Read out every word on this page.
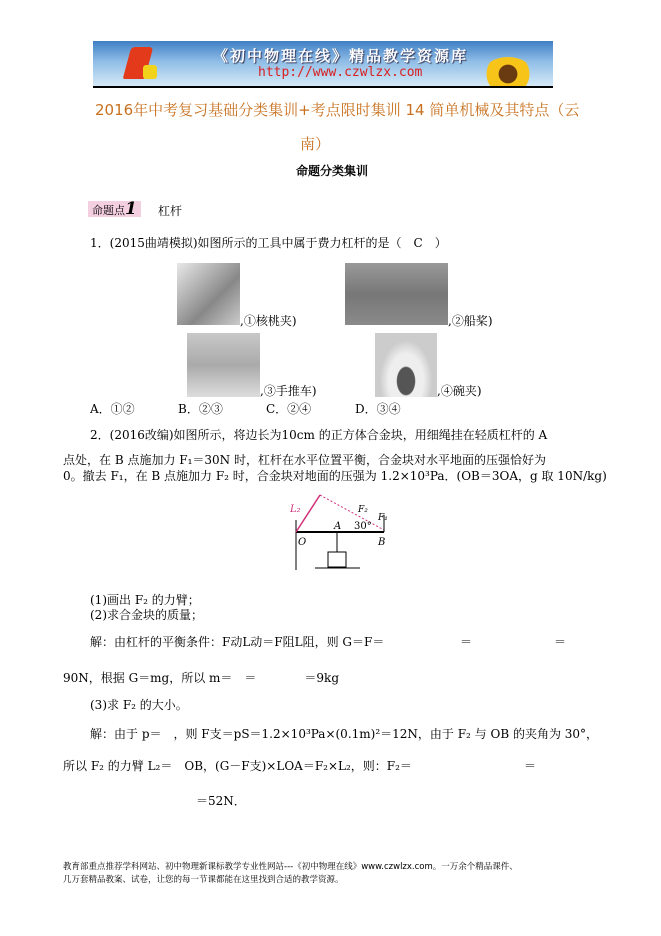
《初中物理在线》精品教学资源库
http://www.czwlzx.com
2016年中考复习基础分类集训+考点限时集训 14 简单机械及其特点（云
南）
命题分类集训
命题点1	杠杆
1．(2015曲靖模拟)如图所示的工具中属于费力杠杆的是（　C　）
,①核桃夹)	,②船桨)
,③手推车)	,④碗夹)
A．①②	B．②③	C．②④	D．③④
2．(2016改编)如图所示，将边长为10cm 的正方体合金块，用细绳挂在轻质杠杆的 A
点处，在 B 点施加力 F₁＝30N 时，杠杆在水平位置平衡，合金块对水平地面的压强恰好为
0。撤去 F₁，在 B 点施加力 F₂ 时，合金块对地面的压强为 1.2×10³Pa．(OB＝3OA，g 取 10N/kg)
L₂	F₂
F₁
O
A
B
30°
(1)画出 F₂ 的力臂；
(2)求合金块的质量；
解：由杠杆的平衡条件：F动L动＝F阻L阻，则 G＝F＝	＝	＝
90N，根据 G＝mg，所以 m＝　＝　　　　＝9kg
(3)求 F₂ 的大小。
解：由于 p＝　，则 F支＝pS＝1.2×10³Pa×(0.1m)²＝12N，由于 F₂ 与 OB 的夹角为 30°，
所以 F₂ 的力臂 L₂＝　OB，(G－F支)×LOA＝F₂×L₂，则：F₂＝	＝
＝52N．
教育部重点推荐学科网站、初中物理新课标教学专业性网站---《初中物理在线》www.czwlzx.com。一万余个精品课件、
几万套精品教案、试卷，让您的每一节课都能在这里找到合适的教学资源。
